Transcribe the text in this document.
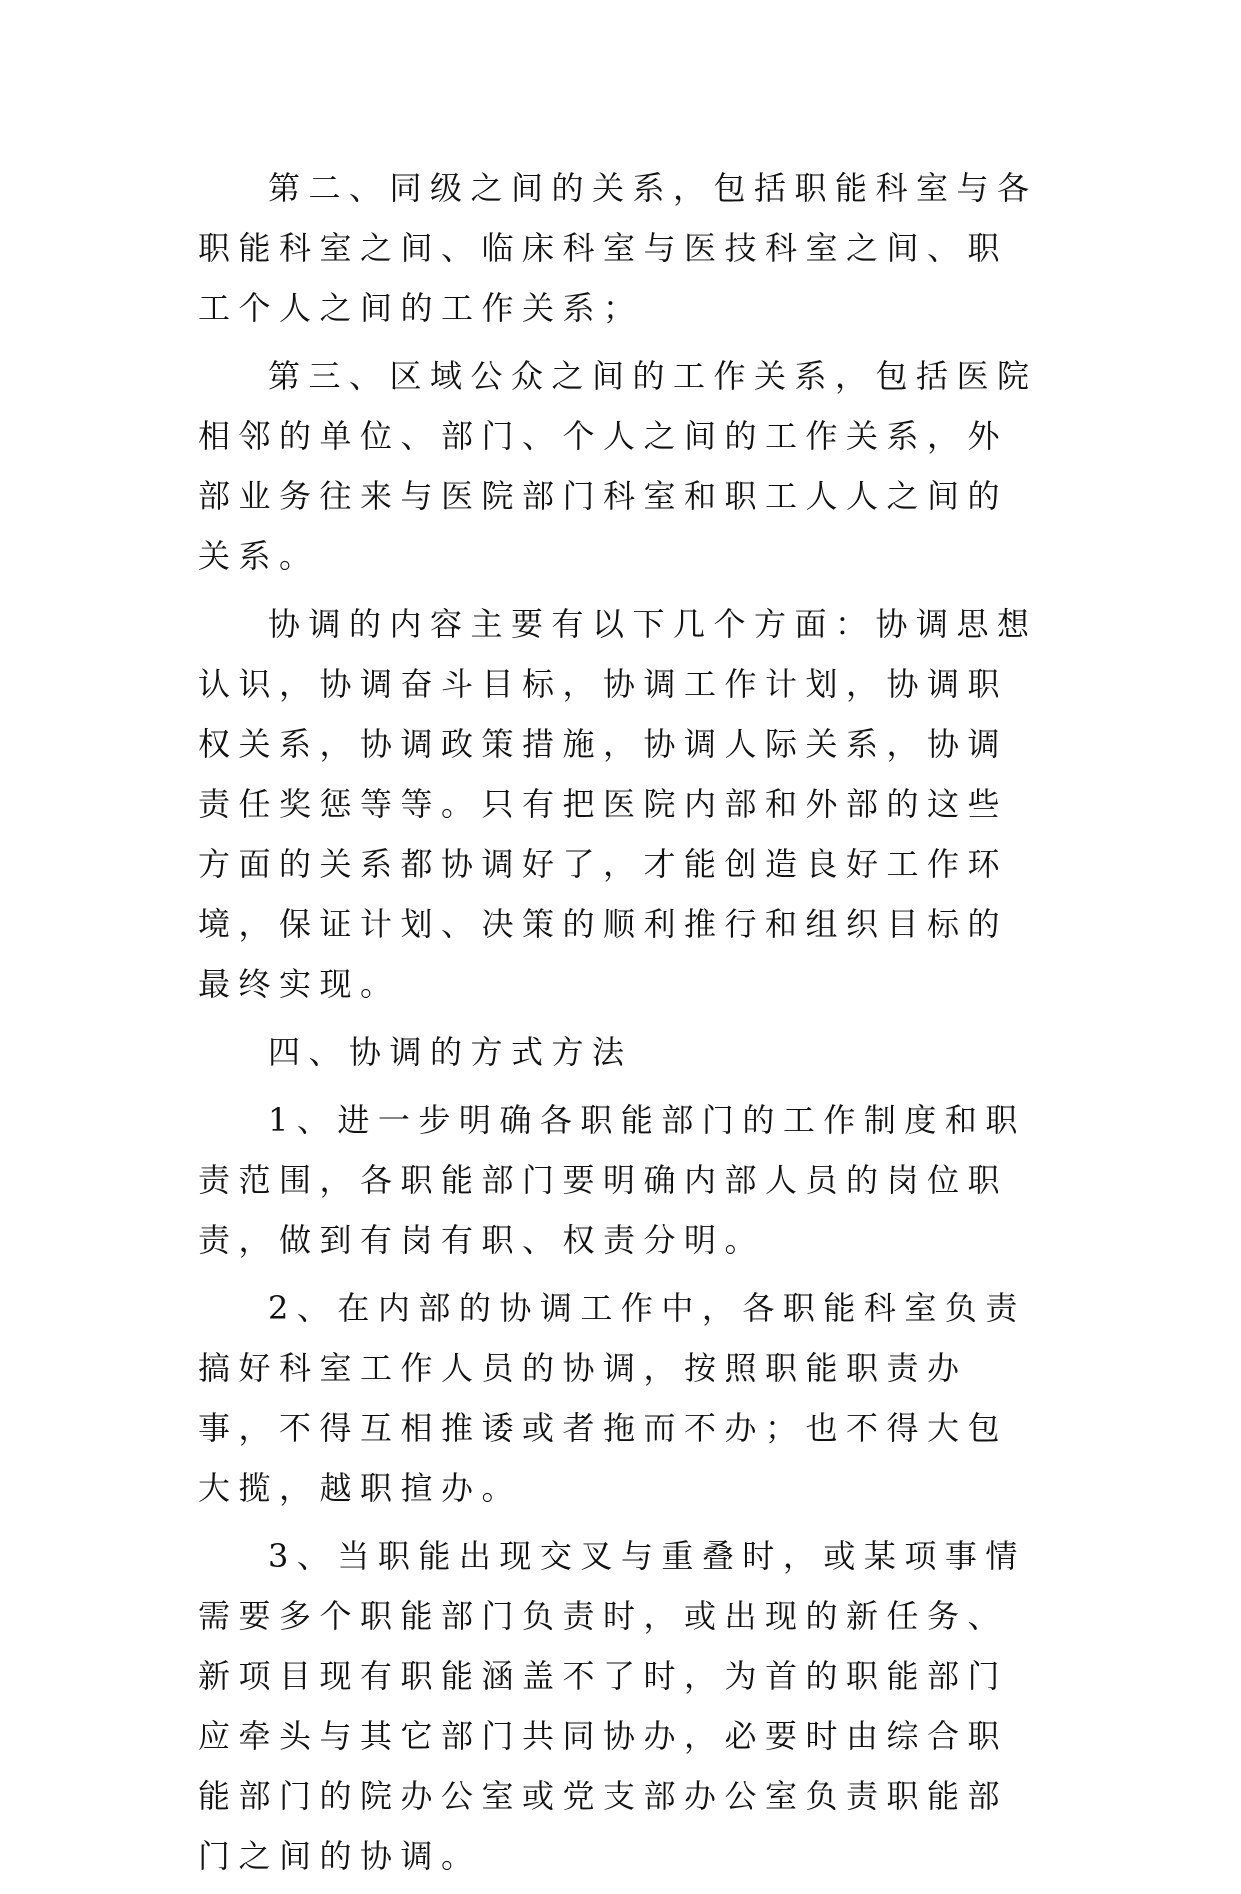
第二、同级之间的关系，包括职能科室与各职能科室之间、临床科室与医技科室之间、职工个人之间的工作关系；

第三、区域公众之间的工作关系，包括医院相邻的单位、部门、个人之间的工作关系，外部业务往来与医院部门科室和职工人人之间的关系。

协调的内容主要有以下几个方面：协调思想认识，协调奋斗目标，协调工作计划，协调职权关系，协调政策措施，协调人际关系，协调责任奖惩等等。只有把医院内部和外部的这些方面的关系都协调好了，才能创造良好工作环境，保证计划、决策的顺利推行和组织目标的最终实现。

四、协调的方式方法

1、进一步明确各职能部门的工作制度和职责范围，各职能部门要明确内部人员的岗位职责，做到有岗有职、权责分明。

2、在内部的协调工作中，各职能科室负责搞好科室工作人员的协调，按照职能职责办事，不得互相推诿或者拖而不办；也不得大包大揽，越职揎办。

3、当职能出现交叉与重叠时，或某项事情需要多个职能部门负责时，或出现的新任务、新项目现有职能涵盖不了时，为首的职能部门应牵头与其它部门共同协办，必要时由综合职能部门的院办公室或党支部办公室负责职能部门之间的协调。
